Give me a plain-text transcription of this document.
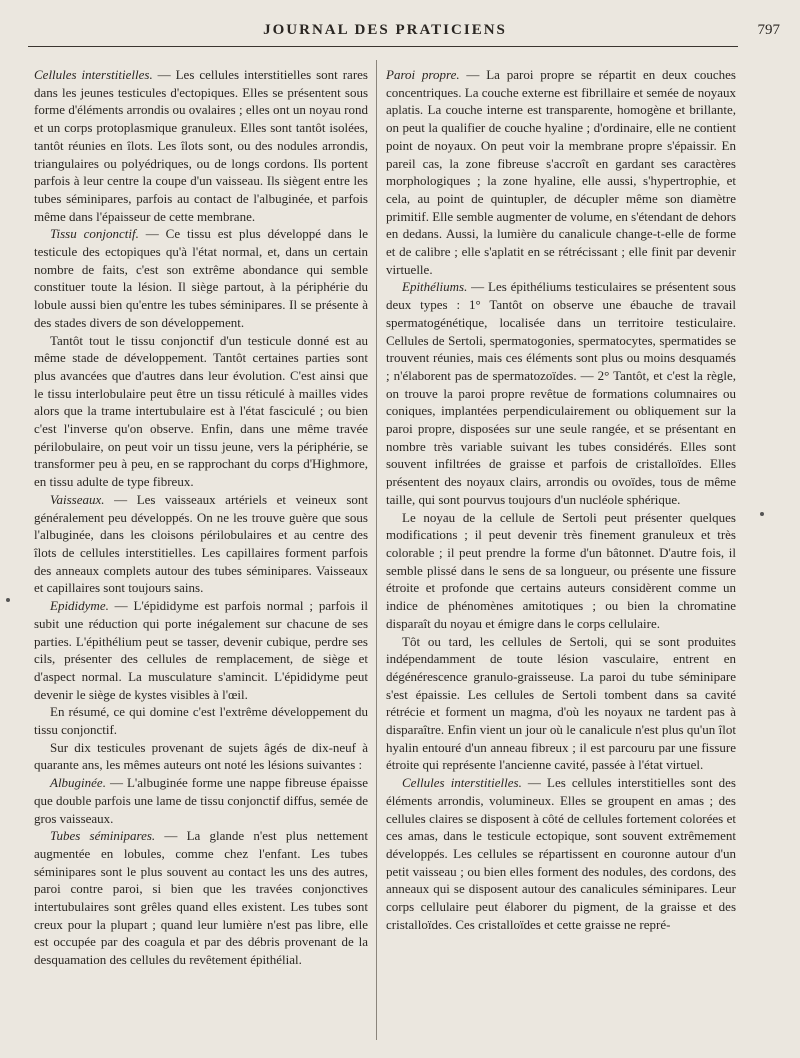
JOURNAL DES PRATICIENS	797

Cellules interstitielles. — Les cellules interstitielles sont rares dans les jeunes testicules d'ectopiques. Elles se présentent sous forme d'éléments arrondis ou ovalaires ; elles ont un noyau rond et un corps protoplasmique granuleux. Elles sont tantôt isolées, tantôt réunies en îlots. Les îlots sont, ou des nodules arrondis, triangulaires ou polyédriques, ou de longs cordons. Ils portent parfois à leur centre la coupe d'un vaisseau. Ils siègent entre les tubes séminipares, parfois au contact de l'albuginée, et parfois même dans l'épaisseur de cette membrane.

Tissu conjonctif. — Ce tissu est plus développé dans le testicule des ectopiques qu'à l'état normal, et, dans un certain nombre de faits, c'est son extrême abondance qui semble constituer toute la lésion. Il siège partout, à la périphérie du lobule aussi bien qu'entre les tubes séminipares. Il se présente à des stades divers de son développement.

Tantôt tout le tissu conjonctif d'un testicule donné est au même stade de développement. Tantôt certaines parties sont plus avancées que d'autres dans leur évolution. C'est ainsi que le tissu interlobulaire peut être un tissu réticulé à mailles vides alors que la trame intertubulaire est à l'état fasciculé ; ou bien c'est l'inverse qu'on observe. Enfin, dans une même travée périlobulaire, on peut voir un tissu jeune, vers la périphérie, se transformer peu à peu, en se rapprochant du corps d'Highmore, en tissu adulte de type fibreux.

Vaisseaux. — Les vaisseaux artériels et veineux sont généralement peu développés. On ne les trouve guère que sous l'albuginée, dans les cloisons périlobulaires et au centre des îlots de cellules interstitielles. Les capillaires forment parfois des anneaux complets autour des tubes séminipares. Vaisseaux et capillaires sont toujours sains.

Epididyme. — L'épididyme est parfois normal ; parfois il subit une réduction qui porte inégalement sur chacune de ses parties. L'épithélium peut se tasser, devenir cubique, perdre ses cils, présenter des cellules de remplacement, de siège et d'aspect normal. La musculature s'amincit. L'épididyme peut devenir le siège de kystes visibles à l'œil.

En résumé, ce qui domine c'est l'extrême développement du tissu conjonctif.

Sur dix testicules provenant de sujets âgés de dix-neuf à quarante ans, les mêmes auteurs ont noté les lésions suivantes :

Albuginée. — L'albuginée forme une nappe fibreuse épaisse que double parfois une lame de tissu conjonctif diffus, semée de gros vaisseaux.

Tubes séminipares. — La glande n'est plus nettement augmentée en lobules, comme chez l'enfant. Les tubes séminipares sont le plus souvent au contact les uns des autres, paroi contre paroi, si bien que les travées conjonctives intertubulaires sont grêles quand elles existent. Les tubes sont creux pour la plupart ; quand leur lumière n'est pas libre, elle est occupée par des coagula et par des débris provenant de la desquamation des cellules du revêtement épithélial.

Paroi propre. — La paroi propre se répartit en deux couches concentriques. La couche externe est fibrillaire et semée de noyaux aplatis. La couche interne est transparente, homogène et brillante, on peut la qualifier de couche hyaline ; d'ordinaire, elle ne contient point de noyaux. On peut voir la membrane propre s'épaissir. En pareil cas, la zone fibreuse s'accroît en gardant ses caractères morphologiques ; la zone hyaline, elle aussi, s'hypertrophie, et cela, au point de quintupler, de décupler même son diamètre primitif. Elle semble augmenter de volume, en s'étendant de dehors en dedans. Aussi, la lumière du canalicule change-t-elle de forme et de calibre ; elle s'aplatit en se rétrécissant ; elle finit par devenir virtuelle.

Epithéliums. — Les épithéliums testiculaires se présentent sous deux types : 1° Tantôt on observe une ébauche de travail spermatogénétique, localisée dans un territoire testiculaire. Cellules de Sertoli, spermatogonies, spermatocytes, spermatides se trouvent réunies, mais ces éléments sont plus ou moins desquamés ; n'élaborent pas de spermatozoïdes. — 2° Tantôt, et c'est la règle, on trouve la paroi propre revêtue de formations columnaires ou coniques, implantées perpendiculairement ou obliquement sur la paroi propre, disposées sur une seule rangée, et se présentant en nombre très variable suivant les tubes considérés. Elles sont souvent infiltrées de graisse et parfois de cristalloïdes. Elles présentent des noyaux clairs, arrondis ou ovoïdes, tous de même taille, qui sont pourvus toujours d'un nucléole sphérique.

Le noyau de la cellule de Sertoli peut présenter quelques modifications ; il peut devenir très finement granuleux et très colorable ; il peut prendre la forme d'un bâtonnet. D'autre fois, il semble plissé dans le sens de sa longueur, ou présente une fissure étroite et profonde que certains auteurs considèrent comme un indice de phénomènes amitotiques ; ou bien la chromatine disparaît du noyau et émigre dans le corps cellulaire.

Tôt ou tard, les cellules de Sertoli, qui se sont produites indépendamment de toute lésion vasculaire, entrent en dégénérescence granulo-graisseuse. La paroi du tube séminipare s'est épaissie. Les cellules de Sertoli tombent dans sa cavité rétrécie et forment un magma, d'où les noyaux ne tardent pas à disparaître. Enfin vient un jour où le canalicule n'est plus qu'un îlot hyalin entouré d'un anneau fibreux ; il est parcouru par une fissure étroite qui représente l'ancienne cavité, passée à l'état virtuel.

Cellules interstitielles. — Les cellules interstitielles sont des éléments arrondis, volumineux. Elles se groupent en amas ; des cellules claires se disposent à côté de cellules fortement colorées et ces amas, dans le testicule ectopique, sont souvent extrêmement développés. Les cellules se répartissent en couronne autour d'un petit vaisseau ; ou bien elles forment des nodules, des cordons, des anneaux qui se disposent autour des canalicules séminipares. Leur corps cellulaire peut élaborer du pigment, de la graisse et des cristalloïdes. Ces cristalloïdes et cette graisse ne repré-
